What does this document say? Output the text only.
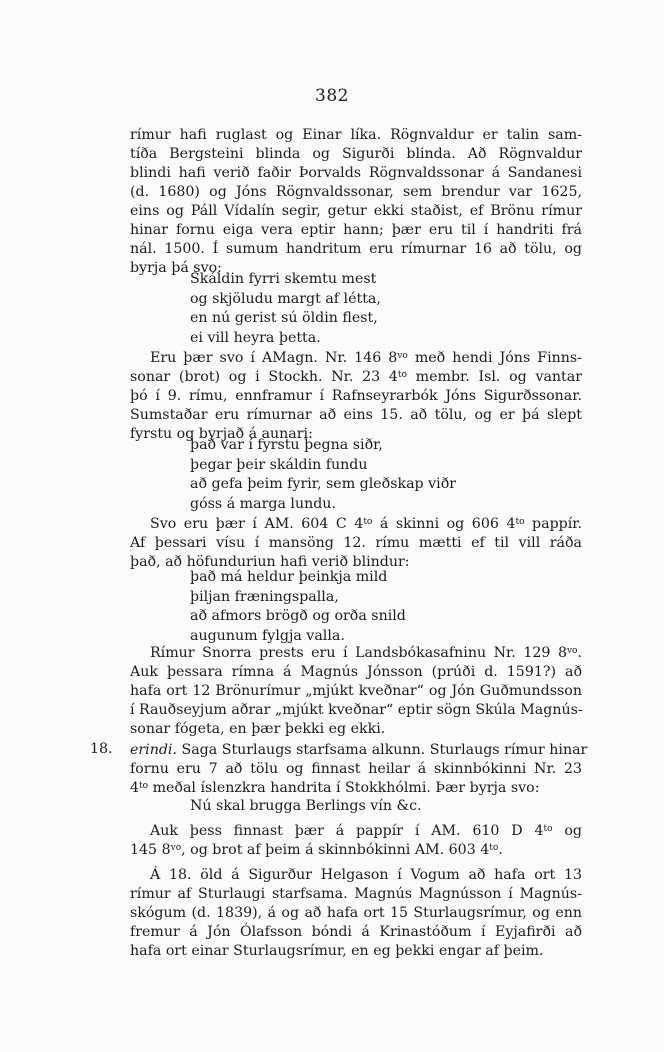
382
rímur hafi ruglast og Einar líka. Rögnvaldur er talin sam-
tíða Bergsteini blinda og Sigurði blinda. Að Rögnvaldur
blindi hafi verið faðir Þorvalds Rögnvaldssonar á Sandanesi
(d. 1680) og Jóns Rögnvaldssonar, sem brendur var 1625,
eins og Páll Vídalín segir, getur ekki staðist, ef Brönu rímur
hinar fornu eiga vera eptir hann; þær eru til í handriti frá
nál. 1500. Í sumum handritum eru rímurnar 16 að tölu, og
byrja þá svo:
Skáldin fyrri skemtu mest
og skjöludu margt af létta,
en nú gerist sú öldin flest,
ei vill heyra þetta.
Eru þær svo í AMagn. Nr. 146 $8^{vo}$ með hendi Jóns Finns-
sonar (brot) og i Stockh. Nr. 23 $4^{to}$ membr. Isl. og vantar
þó í 9. rímu, ennframur í Rafnseyrarbók Jóns Sigurðssonar.
Sumstaðar eru rímurnar að eins 15. að tölu, og er þá slept
fyrstu og byrjað á aunari:
það var í fyrstu þegna siðr,
þegar þeir skáldin fundu
að gefa þeim fyrir, sem gleðskap viðr
góss á marga lundu.
Svo eru þær í AM. 604 C $4^{to}$ á skinni og 606 $4^{to}$ pappír.
Af þessari vísu í mansöng 12. rímu mætti ef til vill ráða
það, að höfunduriun hafi verið blindur:
það má heldur þeinkja mild
þiljan fræningspalla,
að afmors brögð og orða snild
augunum fylgja valla.
Rímur Snorra prests eru í Landsbókasafninu Nr. 129 $8^{vo}$.
Auk þessara rímna á Magnús Jónsson (prúði d. 1591?) að
hafa ort 12 Brönurímur „mjúkt kveðnar“ og Jón Guðmundsson
í Rauðseyjum aðrar „mjúkt kveðnar“ eptir sögn Skúla Magnús-
sonar fógeta, en þær þekki eg ekki.
18. erindi. Saga Sturlaugs starfsama alkunn. Sturlaugs rímur hinar
fornu eru 7 að tölu og finnast heilar á skinnbókinni Nr. 23
$4^{to}$ meðal íslenzkra handrita í Stokkhólmi. Þær byrja svo:
Nú skal brugga Berlings vín &c.
Auk þess finnast þær á pappír í AM. 610 D $4^{to}$ og
145 $8^{vo}$, og brot af þeim á skinnbókinni AM. 603 $4^{to}$.
Á 18. öld á Sigurður Helgason í Vogum að hafa ort 13
rímur af Sturlaugi starfsama. Magnús Magnússon í Magnús-
skógum (d. 1839), á og að hafa ort 15 Sturlaugsrímur, og enn
fremur á Jón Ólafsson bóndi á Krinastóðum í Eyjafirði að
hafa ort einar Sturlaugsrímur, en eg þekki engar af þeim.
